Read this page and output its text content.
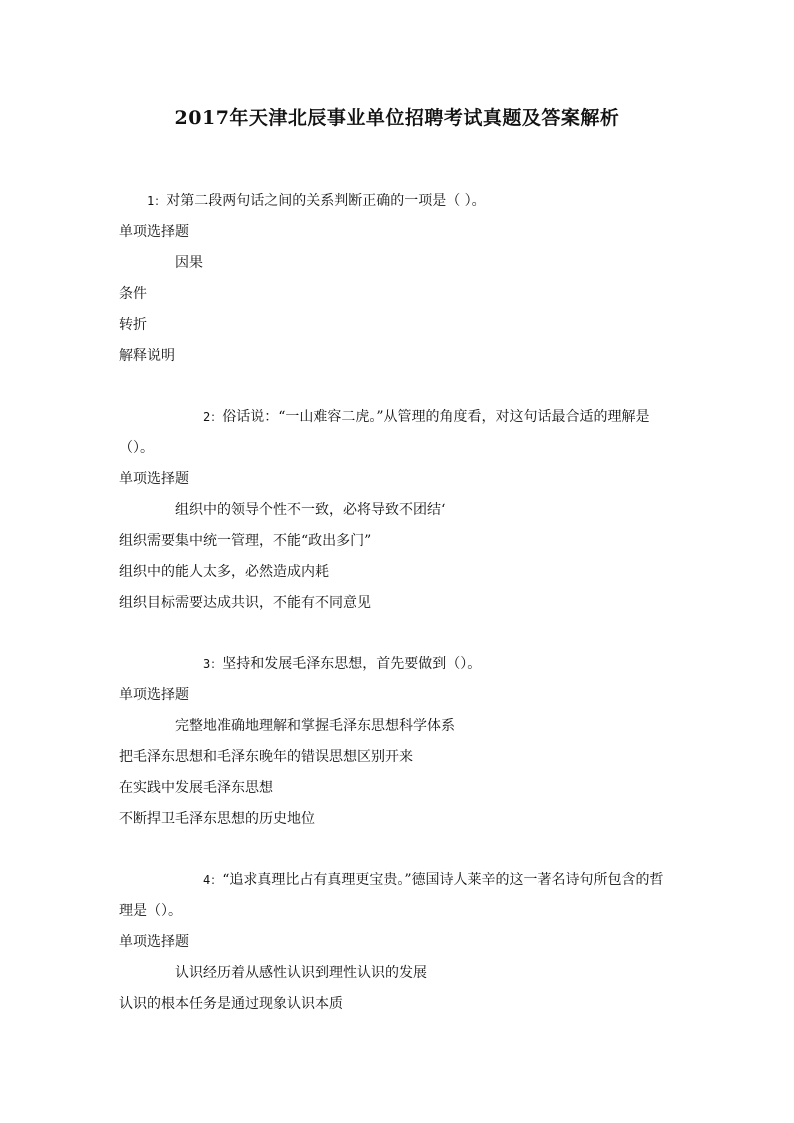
2017年天津北辰事业单位招聘考试真题及答案解析

1：对第二段两句话之间的关系判断正确的一项是（ ）。

单项选择题

因果

条件

转折

解释说明

2：俗话说：“一山难容二虎。”从管理的角度看，对这句话最合适的理解是（）。

单项选择题

组织中的领导个性不一致，必将导致不团结‘

组织需要集中统一管理，不能“政出多门”

组织中的能人太多，必然造成内耗

组织目标需要达成共识，不能有不同意见

3：坚持和发展毛泽东思想，首先要做到（）。

单项选择题

完整地准确地理解和掌握毛泽东思想科学体系

把毛泽东思想和毛泽东晚年的错误思想区别开来

在实践中发展毛泽东思想

不断捍卫毛泽东思想的历史地位

4：“追求真理比占有真理更宝贵。”德国诗人莱辛的这一著名诗句所包含的哲理是（）。

单项选择题

认识经历着从感性认识到理性认识的发展

认识的根本任务是通过现象认识本质
